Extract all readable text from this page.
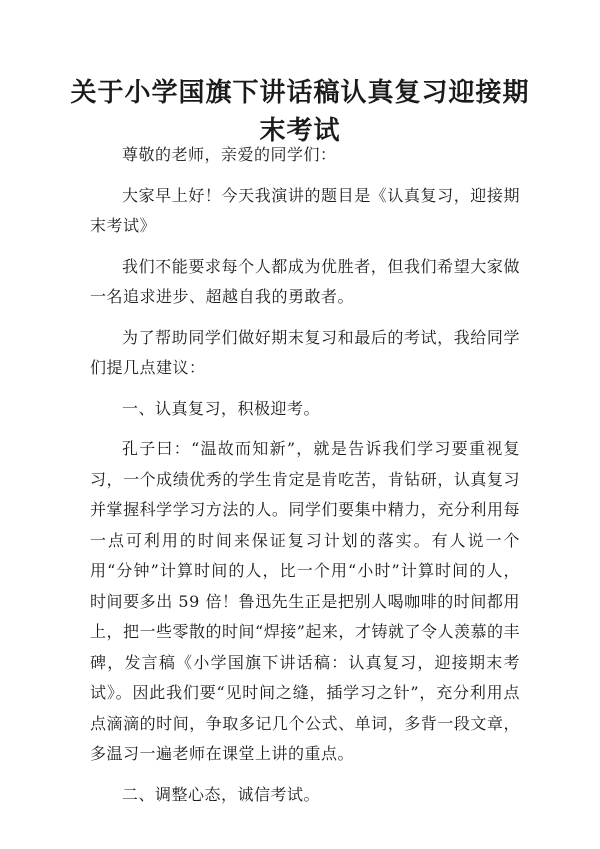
关于小学国旗下讲话稿认真复习迎接期末考试

尊敬的老师，亲爱的同学们：

大家早上好！今天我演讲的题目是《认真复习，迎接期末考试》

我们不能要求每个人都成为优胜者，但我们希望大家做一名追求进步、超越自我的勇敢者。

为了帮助同学们做好期末复习和最后的考试，我给同学们提几点建议：

一、认真复习，积极迎考。

孔子曰：“温故而知新”，就是告诉我们学习要重视复习，一个成绩优秀的学生肯定是肯吃苦，肯钻研，认真复习并掌握科学学习方法的人。同学们要集中精力，充分利用每一点可利用的时间来保证复习计划的落实。有人说一个用“分钟”计算时间的人，比一个用“小时”计算时间的人，时间要多出 59 倍！鲁迅先生正是把别人喝咖啡的时间都用上，把一些零散的时间“焊接”起来，才铸就了令人羡慕的丰碑，发言稿《小学国旗下讲话稿：认真复习，迎接期末考试》。因此我们要“见时间之缝，插学习之针”，充分利用点点滴滴的时间，争取多记几个公式、单词，多背一段文章，多温习一遍老师在课堂上讲的重点。

二、调整心态，诚信考试。
